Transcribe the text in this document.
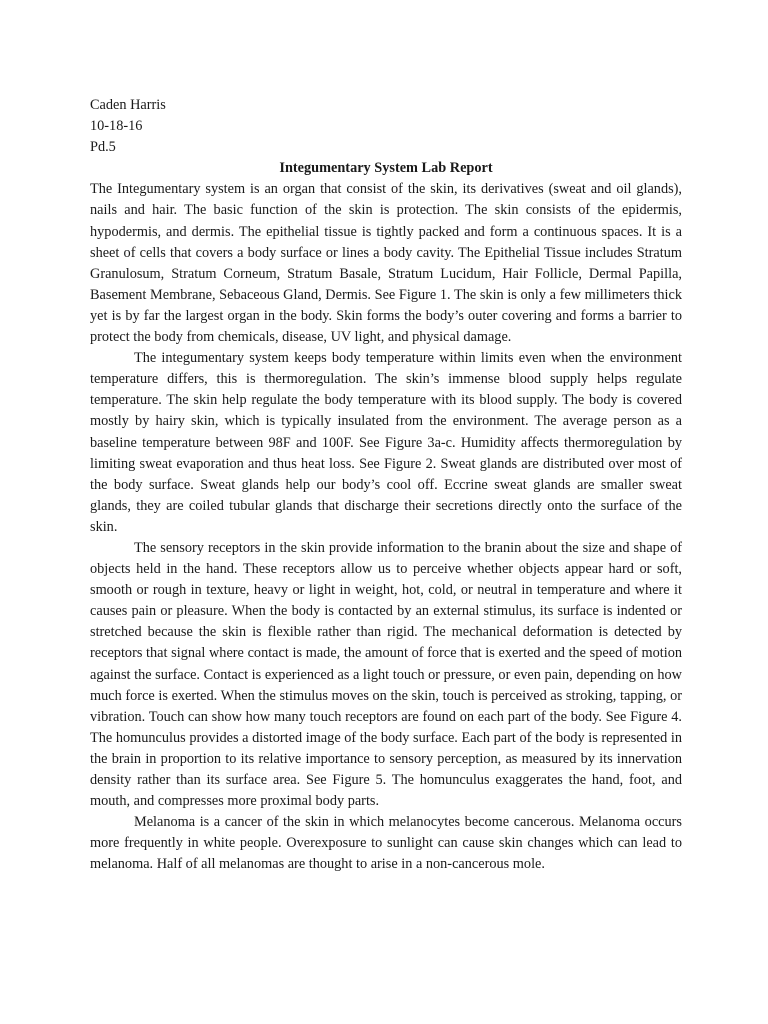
Caden Harris

10-18-16

Pd.5

Integumentary System Lab Report

The Integumentary system is an organ that consist of the skin, its derivatives (sweat and oil glands), nails and hair. The basic function of the skin is protection. The skin consists of the epidermis, hypodermis, and dermis. The epithelial tissue is tightly packed and form a continuous spaces. It is a sheet of cells that covers a body surface or lines a body cavity. The Epithelial Tissue includes Stratum Granulosum, Stratum Corneum, Stratum Basale, Stratum Lucidum, Hair Follicle, Dermal Papilla, Basement Membrane, Sebaceous Gland, Dermis. See Figure 1. The skin is only a few millimeters thick yet is by far the largest organ in the body. Skin forms the body’s outer covering and forms a barrier to protect the body from chemicals, disease, UV light, and physical damage.

The integumentary system keeps body temperature within limits even when the environment temperature differs, this is thermoregulation. The skin’s immense blood supply helps regulate temperature. The skin help regulate the body temperature with its blood supply. The body is covered mostly by hairy skin, which is typically insulated from the environment. The average person as a baseline temperature between 98F and 100F. See Figure 3a-c. Humidity affects thermoregulation by limiting sweat evaporation and thus heat loss. See Figure 2. Sweat glands are distributed over most of the body surface. Sweat glands help our body’s cool off. Eccrine sweat glands are smaller sweat glands, they are coiled tubular glands that discharge their secretions directly onto the surface of the skin.

The sensory receptors in the skin provide information to the branin about the size and shape of objects held in the hand. These receptors allow us to perceive whether objects appear hard or soft, smooth or rough in texture, heavy or light in weight, hot, cold, or neutral in temperature and where it causes pain or pleasure. When the body is contacted by an external stimulus, its surface is indented or stretched because the skin is flexible rather than rigid. The mechanical deformation is detected by receptors that signal where contact is made, the amount of force that is exerted and the speed of motion against the surface. Contact is experienced as a light touch or pressure, or even pain, depending on how much force is exerted. When the stimulus moves on the skin, touch is perceived as stroking, tapping, or vibration. Touch can show how many touch receptors are found on each part of the body. See Figure 4. The homunculus provides a distorted image of the body surface. Each part of the body is represented in the brain in proportion to its relative importance to sensory perception, as measured by its innervation density rather than its surface area. See Figure 5. The homunculus exaggerates the hand, foot, and mouth, and compresses more proximal body parts.

Melanoma is a cancer of the skin in which melanocytes become cancerous. Melanoma occurs more frequently in white people. Overexposure to sunlight can cause skin changes which can lead to melanoma. Half of all melanomas are thought to arise in a non-cancerous mole.
